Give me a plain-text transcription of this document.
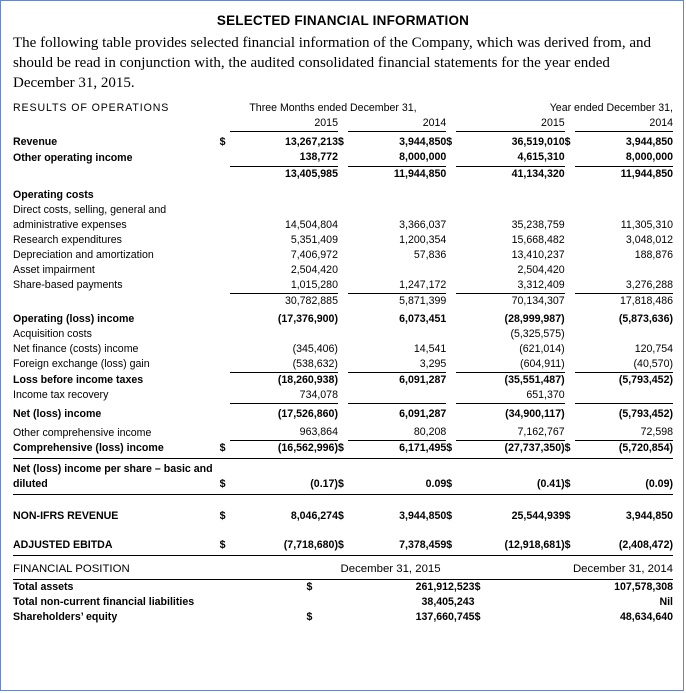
SELECTED FINANCIAL INFORMATION
The following table provides selected financial information of the Company, which was derived from, and should be read in conjunction with, the audited consolidated financial statements for the year ended December 31, 2015.
RESULTS OF OPERATIONS	Three Months ended December 31,				Year ended December 31,			
		2015		2014		2015		2014

Revenue	$	13,267,213	$	3,944,850	$	36,519,010	$	3,944,850
Other operating income		138,772		8,000,000		4,615,310		8,000,000
		13,405,985		11,944,850		41,134,320		11,944,850

Operating costs								
Direct costs, selling, general and administrative expenses		14,504,804		3,366,037		35,238,759		11,305,310
Research expenditures		5,351,409		1,200,354		15,668,482		3,048,012
Depreciation and amortization		7,406,972		57,836		13,410,237		188,876
Asset impairment		2,504,420				2,504,420		
Share-based payments		1,015,280		1,247,172		3,312,409		3,276,288
		30,782,885		5,871,399		70,134,307		17,818,486

Operating (loss) income		(17,376,900)		6,073,451		(28,999,987)		(5,873,636)
Acquisition costs						(5,325,575)		
Net finance (costs) income		(345,406)		14,541		(621,014)		120,754
Foreign exchange (loss) gain		(538,632)		3,295		(604,911)		(40,570)
Loss before income taxes		(18,260,938)		6,091,287		(35,551,487)		(5,793,452)
Income tax recovery		734,078				651,370		

Net (loss) income		(17,526,860)		6,091,287		(34,900,117)		(5,793,452)

Other comprehensive income		963,864		80,208		7,162,767		72,598
Comprehensive (loss) income	$	(16,562,996)	$	6,171,495	$	(27,737,350)	$	(5,720,854)

Net (loss) income per share – basic and diluted	$	(0.17)	$	0.09	$	(0.41)	$	(0.09)

NON-IFRS REVENUE	$	8,046,274	$	3,944,850	$	25,544,939	$	3,944,850

ADJUSTED EBITDA	$	(7,718,680)	$	7,378,459	$	(12,918,681)	$	(2,408,472)

FINANCIAL POSITION	December 31, 2015		December 31, 2014	

Total assets	$	261,912,523	$	107,578,308
Total non-current financial liabilities		38,405,243		Nil
Shareholders’ equity	$	137,660,745	$	48,634,640
